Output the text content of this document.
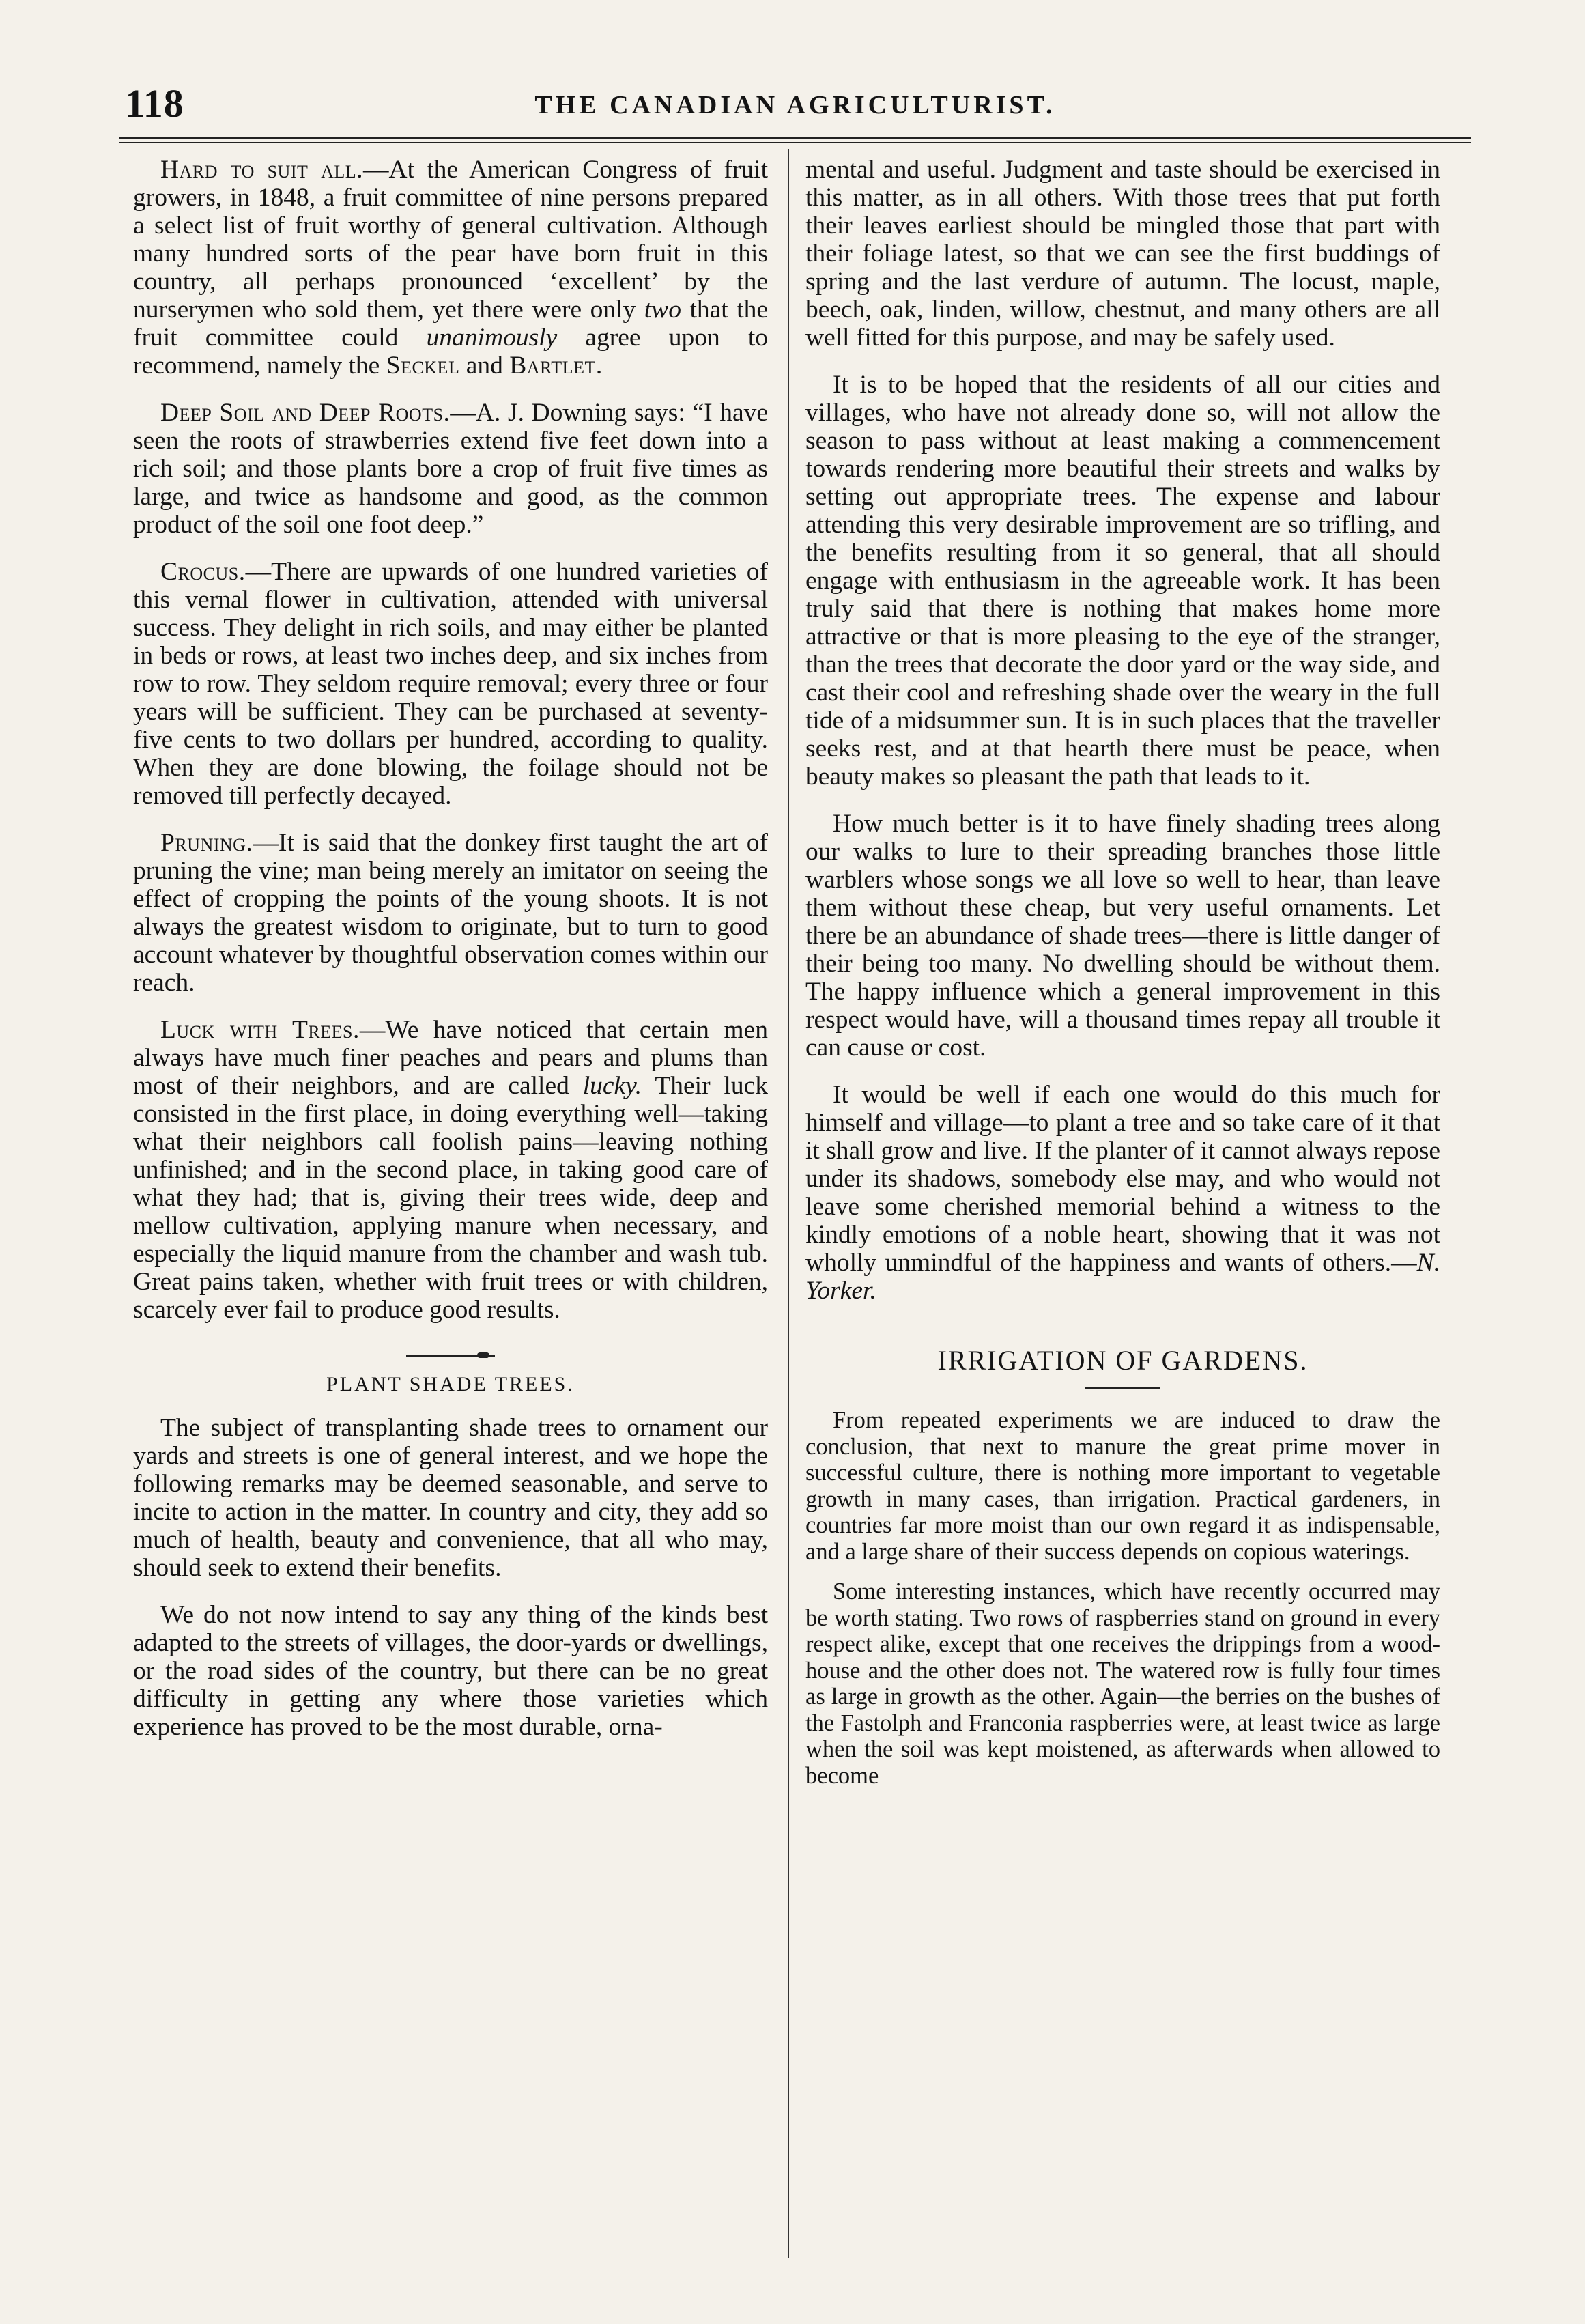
118	THE CANADIAN AGRICULTURIST.

Hard to suit all.—At the American Congress of fruit growers, in 1848, a fruit committee of nine persons prepared a select list of fruit worthy of general cultivation. Although many hundred sorts of the pear have born fruit in this country, all perhaps pronounced ‘excellent’ by the nurserymen who sold them, yet there were only two that the fruit committee could unanimously agree upon to recommend, namely the Seckel and Bartlet.

Deep Soil and Deep Roots.—A. J. Downing says: “I have seen the roots of strawberries extend five feet down into a rich soil; and those plants bore a crop of fruit five times as large, and twice as handsome and good, as the common product of the soil one foot deep.”

Crocus.—There are upwards of one hundred varieties of this vernal flower in cultivation, attended with universal success. They delight in rich soils, and may either be planted in beds or rows, at least two inches deep, and six inches from row to row. They seldom require removal; every three or four years will be sufficient. They can be purchased at seventy-five cents to two dollars per hundred, according to quality. When they are done blowing, the foilage should not be removed till perfectly decayed.

Pruning.—It is said that the donkey first taught the art of pruning the vine; man being merely an imitator on seeing the effect of cropping the points of the young shoots. It is not always the greatest wisdom to originate, but to turn to good account whatever by thoughtful observation comes within our reach.

Luck with Trees.—We have noticed that certain men always have much finer peaches and pears and plums than most of their neighbors, and are called lucky. Their luck consisted in the first place, in doing everything well—taking what their neighbors call foolish pains—leaving nothing unfinished; and in the second place, in taking good care of what they had; that is, giving their trees wide, deep and mellow cultivation, applying manure when necessary, and especially the liquid manure from the chamber and wash tub. Great pains taken, whether with fruit trees or with children, scarcely ever fail to produce good results.

PLANT SHADE TREES.

The subject of transplanting shade trees to ornament our yards and streets is one of general interest, and we hope the following remarks may be deemed seasonable, and serve to incite to action in the matter. In country and city, they add so much of health, beauty and convenience, that all who may, should seek to extend their benefits.

We do not now intend to say any thing of the kinds best adapted to the streets of villages, the door-yards or dwellings, or the road sides of the country, but there can be no great difficulty in getting any where those varieties which experience has proved to be the most durable, orna-

mental and useful. Judgment and taste should be exercised in this matter, as in all others. With those trees that put forth their leaves earliest should be mingled those that part with their foliage latest, so that we can see the first buddings of spring and the last verdure of autumn. The locust, maple, beech, oak, linden, willow, chestnut, and many others are all well fitted for this purpose, and may be safely used.

It is to be hoped that the residents of all our cities and villages, who have not already done so, will not allow the season to pass without at least making a commencement towards rendering more beautiful their streets and walks by setting out appropriate trees. The expense and labour attending this very desirable improvement are so trifling, and the benefits resulting from it so general, that all should engage with enthusiasm in the agreeable work. It has been truly said that there is nothing that makes home more attractive or that is more pleasing to the eye of the stranger, than the trees that decorate the door yard or the way side, and cast their cool and refreshing shade over the weary in the full tide of a midsummer sun. It is in such places that the traveller seeks rest, and at that hearth there must be peace, when beauty makes so pleasant the path that leads to it.

How much better is it to have finely shading trees along our walks to lure to their spreading branches those little warblers whose songs we all love so well to hear, than leave them without these cheap, but very useful ornaments. Let there be an abundance of shade trees—there is little danger of their being too many. No dwelling should be without them. The happy influence which a general improvement in this respect would have, will a thousand times repay all trouble it can cause or cost.

It would be well if each one would do this much for himself and village—to plant a tree and so take care of it that it shall grow and live. If the planter of it cannot always repose under its shadows, somebody else may, and who would not leave some cherished memorial behind a witness to the kindly emotions of a noble heart, showing that it was not wholly unmindful of the happiness and wants of others.—N. Yorker.

IRRIGATION OF GARDENS.

From repeated experiments we are induced to draw the conclusion, that next to manure the great prime mover in successful culture, there is nothing more important to vegetable growth in many cases, than irrigation. Practical gardeners, in countries far more moist than our own regard it as indispensable, and a large share of their success depends on copious waterings.

Some interesting instances, which have recently occurred may be worth stating. Two rows of raspberries stand on ground in every respect alike, except that one receives the drippings from a wood-house and the other does not. The watered row is fully four times as large in growth as the other. Again—the berries on the bushes of the Fastolph and Franconia raspberries were, at least twice as large when the soil was kept moistened, as afterwards when allowed to become
